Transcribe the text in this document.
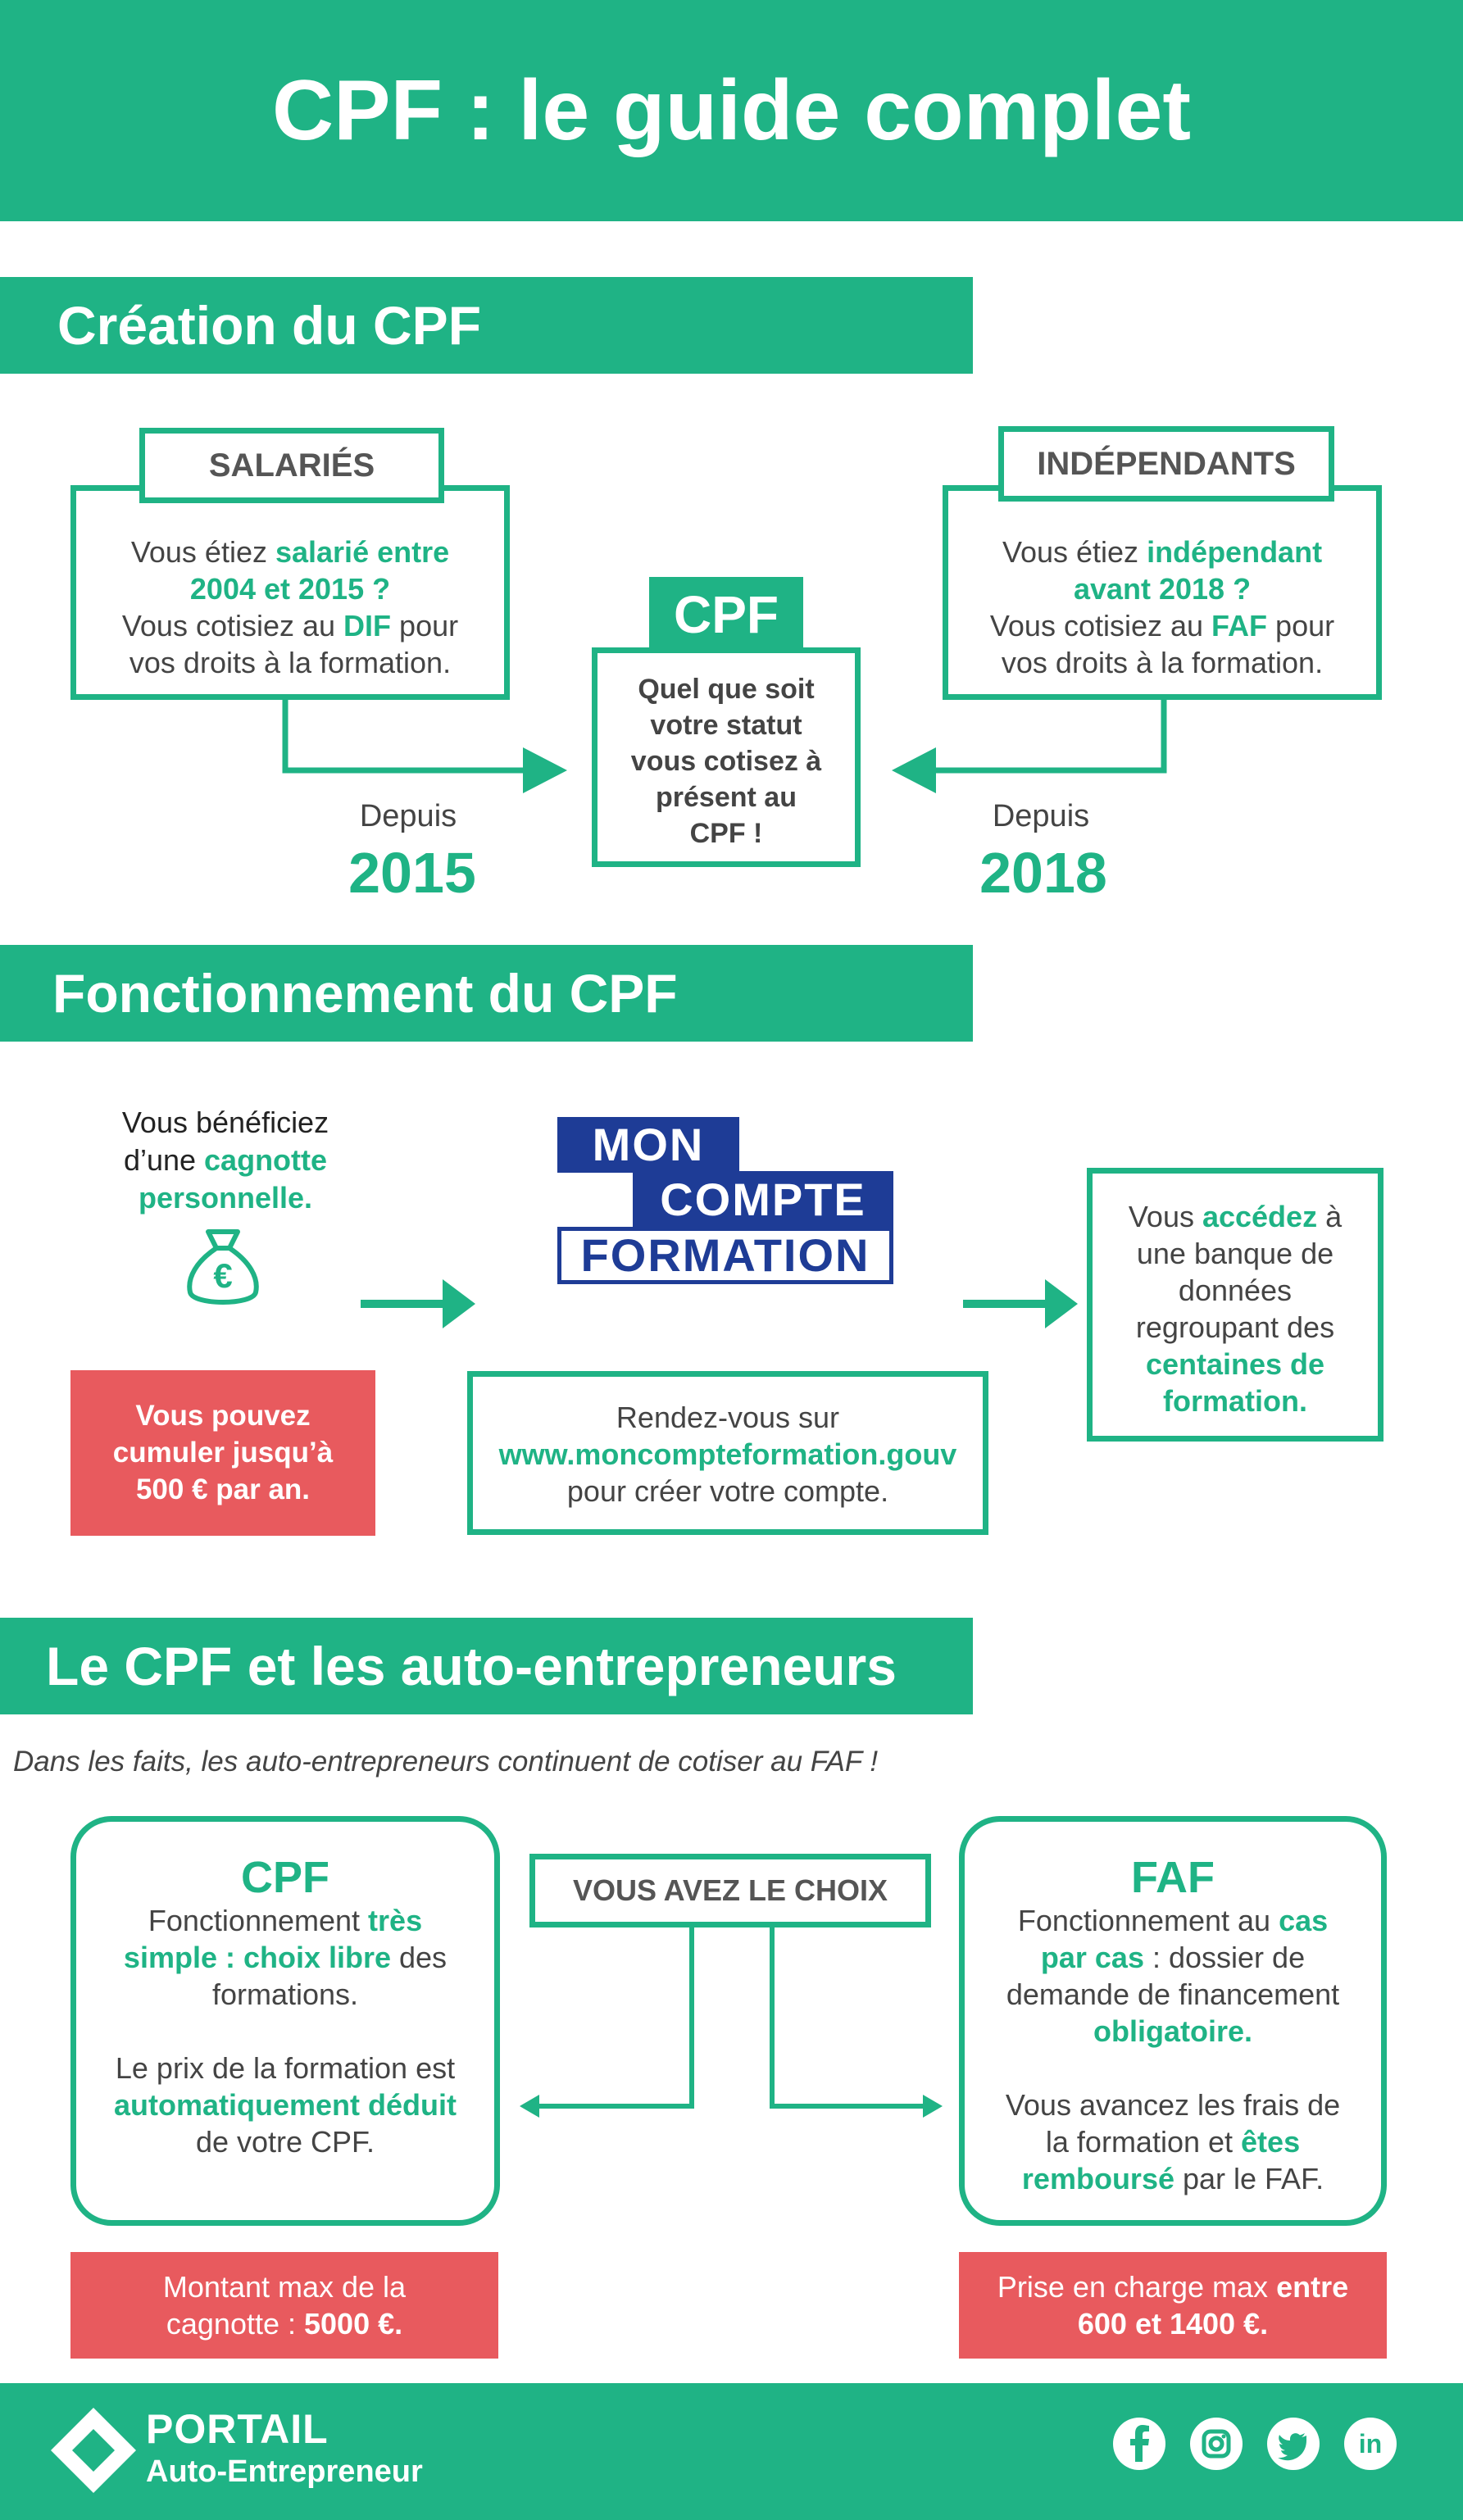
CPF : le guide complet
Création du CPF
Vous étiez salarié entre
2004 et 2015 ?
Vous cotisiez au DIF pour
vos droits à la formation.
SALARIÉS
Vous étiez indépendant
avant 2018 ?
Vous cotisiez au FAF pour
vos droits à la formation.
INDÉPENDANTS
Quel que soit
votre statut
vous cotisez à
présent au
CPF !
CPF
Depuis
2015
Depuis
2018
Fonctionnement du CPF
Vous bénéficiez
d’une cagnotte
personnelle.
€
Vous pouvez
cumuler jusqu’à
500 € par an.
MON
COMPTE
FORMATION
Rendez-vous sur
www.moncompteformation.gouv
pour créer votre compte.
Vous accédez à
une banque de
données
regroupant des
centaines de
formation.
Le CPF et les auto-entrepreneurs
Dans les faits, les auto-entrepreneurs continuent de cotiser au FAF !
CPF
Fonctionnement très
simple : choix libre des
formations.
Le prix de la formation est
automatiquement déduit
de votre CPF.
FAF
Fonctionnement au cas
par cas : dossier de
demande de financement
obligatoire.
Vous avancez les frais de
la formation et êtes
remboursé par le FAF.
VOUS AVEZ LE CHOIX
Montant max de la
cagnotte : 5000 €.
Prise en charge max entre
600 et 1400 €.
PORTAIL
Auto-Entrepreneur
in
